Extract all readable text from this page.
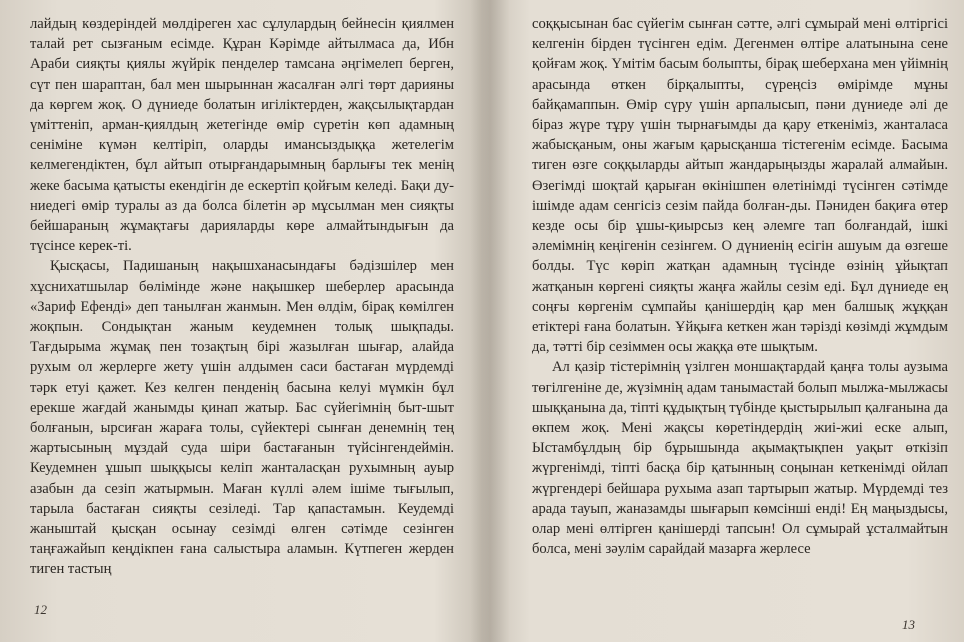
лайдың көздеріндей мөлдіреген хас сұлулардың бейнесін қиялмен талай рет сызғаным есімде. Құран Кәрімде айтылмаса да, Ибн Араби сияқты қиялы жүйрік пенделер тамсана әңгімелеп берген, сүт пен шараптан, бал мен шырыннан жасалған әлгі төрт дарияны да көргем жоқ. О дүниеде болатын игіліктерден, жақсылықтардан үміттеніп, арман-қиялдың жетегінде өмір сүретін көп адамның сеніміне күмән келтіріп, оларды имансыздыққа жетелегім келмегендіктен, бұл айтып отырғандарымның барлығы тек менің жеке басыма қатысты екендігін де ескертіп қойғым келеді. Бақи дуниедегі өмір туралы аз да болса білетін әр мұсылман мен сияқты бейшараның жұмақтағы дарияларды көре алмайтындығын да түсінсе керек-ті.

Қысқасы, Падишаның нақышханасындағы бәдізшілер мен хұснихатшылар бөлімінде және нақышкер шеберлер арасында «Зариф Ефенді» деп танылған жанмын. Мен өлдім, бірақ көмілген жоқпын. Сондықтан жаным кеудемнен толық шықпады. Тағдырыма жұмақ пен тозақтың бірі жазылған шығар, алайда рухым ол жерлерге жету үшін алдымен саси бастаған мүрдемді тәрк етуі қажет. Кез келген пенденің басына келуі мүмкін бұл ерекше жағдай жанымды қинап жатыр. Бас сүйегімнің быт-шыт болғанын, ырсиған жараға толы, сүйектері сынған денемнің тең жартысының мұздай суда шіри бастағанын түйсінгендеймін. Кеудемнен ұшып шыққысы келіп жанталасқан рухымның ауыр азабын да сезіп жатырмын. Маған күллі әлем ішіме тығылып, тарыла бастаған сияқты сезіледі. Тар қапастамын. Кеудемді жаныштай қысқан осынау сезімді өлген сәтімде сезінген таңғажайып кеңдікпен ғана салыстыра аламын. Күтпеген жерден тиген тастың

12

соққысынан бас сүйегім сынған сәтте, әлгі сұмырай мені өлтіргісі келгенін бірден түсінген едім. Дегенмен өлтіре алатынына сене қойғам жоқ. Үмітім басым болыпты, бірақ шеберхана мен үйімнің арасында өткен бірқалыпты, сүреңсіз өмірімде мұны байқамаппын. Өмір сүру үшін арпалысып, пәни дүниеде әлі де біраз жүре тұру үшін тырнағымды да қару еткеніміз, жанталаса жабысқаным, оны жағым қарысқанша тістегенім есімде. Басыма тиген өзге соққыларды айтып жандарыңызды жаралай алмайын. Өзегімді шоқтай қарыған өкінішпен өлетінімді түсінген сәтімде ішімде адам сенгісіз сезім пайда болған-ды. Пәниден бақиға өтер кезде осы бір ұшы-қиырсыз кең әлемге тап болғандай, ішкі әлемімнің кеңігенін сезінгем. О дүниенің есігін ашуым да өзгеше болды. Түс көріп жатқан адамның түсінде өзінің ұйықтап жатқанын көргені сияқты жаңға жайлы сезім еді. Бұл дүниеде ең соңғы көргенім сұмпайы қанішердің қар мен балшық жұққан етіктері ғана болатын. Ұйқыға кеткен жан тәрізді көзімді жұмдым да, тәтті бір сезіммен осы жаққа өте шықтым.

Ал қазір тістерімнің үзілген моншақтардай қаңға толы аузыма төгілгеніне де, жүзімнің адам танымастай болып мылжа-мылжасы шыққанына да, тіпті құдықтың түбінде қыстырылып қалғанына да өкпем жоқ. Мені жақсы көретіндердің жиі-жиі еске алып, Ыстамбұлдың бір бұрышында ақымақтықпен уақыт өткізіп жүргенімді, тіпті басқа бір қатынның соңынан кеткенімді ойлап жүргендері бейшара рухыма азап тартырып жатыр. Мүрдемді тез арада тауып, жаназамды шығарып көмсінші енді! Ең маңыздысы, олар мені өлтірген қанішерді тапсын! Ол сұмырай ұсталмайтын болса, мені зәулім сарайдай мазарға жерлесе

13
